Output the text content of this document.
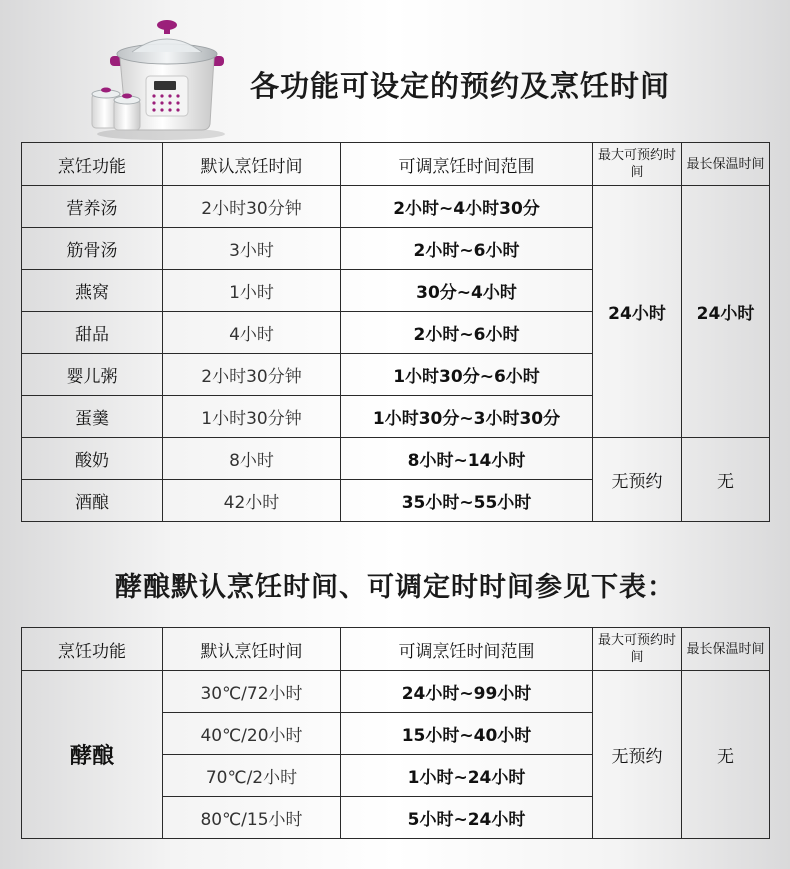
各功能可设定的预约及烹饪时间
烹饪功能	默认烹饪时间	可调烹饪时间范围	最大可预约时间	最长保温时间
营养汤	2小时30分钟	2小时~4小时30分	24小时	24小时
筋骨汤	3小时	2小时~6小时		
燕窝	1小时	30分~4小时		
甜品	4小时	2小时~6小时		
婴儿粥	2小时30分钟	1小时30分~6小时		
蛋羹	1小时30分钟	1小时30分~3小时30分		
酸奶	8小时	8小时~14小时	无预约	无
酒酿	42小时	35小时~55小时		
酵酿默认烹饪时间、可调定时时间参见下表：
烹饪功能	默认烹饪时间	可调烹饪时间范围	最大可预约时间	最长保温时间
酵酿	30℃/72小时	24小时~99小时	无预约	无
	40℃/20小时	15小时~40小时		
	70℃/2小时	1小时~24小时		
	80℃/15小时	5小时~24小时		
